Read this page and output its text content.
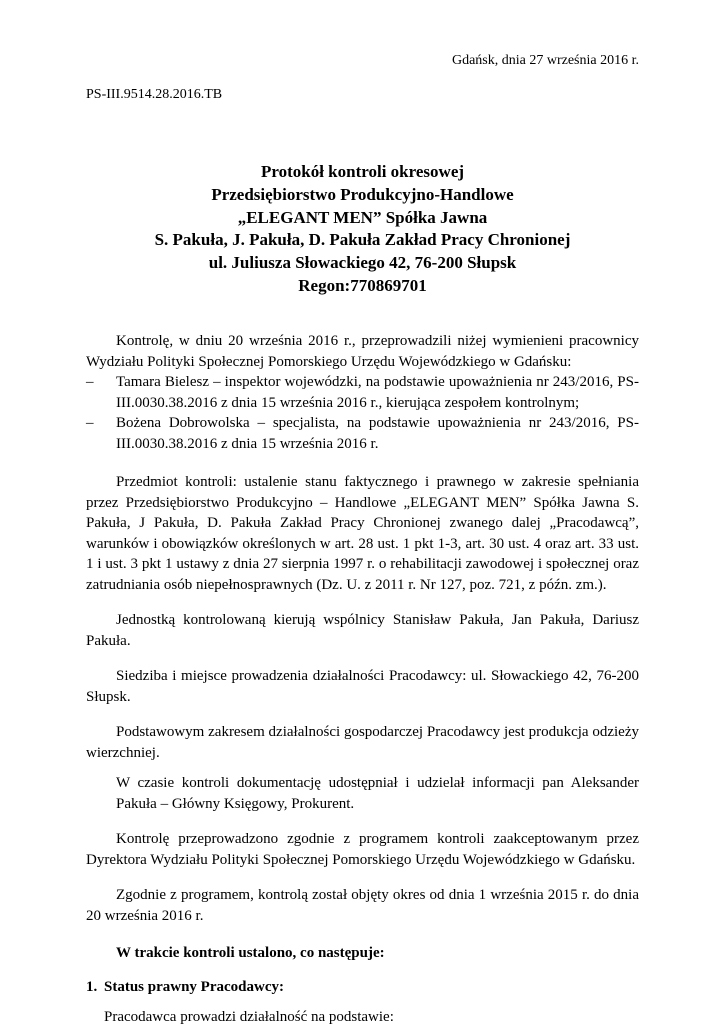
Gdańsk, dnia 27 września 2016 r.
PS-III.9514.28.2016.TB
Protokół kontroli okresowej
Przedsiębiorstwo Produkcyjno-Handlowe
„ELEGANT MEN” Spółka Jawna
S. Pakuła, J. Pakuła, D. Pakuła Zakład Pracy Chronionej
ul. Juliusza Słowackiego 42, 76-200 Słupsk
Regon:770869701

Kontrolę, w dniu 20 września 2016 r., przeprowadzili niżej wymienieni pracownicy Wydziału Polityki Społecznej Pomorskiego Urzędu Wojewódzkiego w Gdańsku:

– Tamara Bielesz – inspektor wojewódzki, na podstawie upoważnienia nr 243/2016, PS-III.0030.38.2016 z dnia 15 września 2016 r., kierująca zespołem kontrolnym;
– Bożena Dobrowolska – specjalista, na podstawie upoważnienia nr 243/2016, PS-III.0030.38.2016 z dnia 15 września 2016 r.

Przedmiot kontroli: ustalenie stanu faktycznego i prawnego w zakresie spełniania przez Przedsiębiorstwo Produkcyjno – Handlowe „ELEGANT MEN” Spółka Jawna S. Pakuła, J Pakuła, D. Pakuła Zakład Pracy Chronionej zwanego dalej „Pracodawcą”, warunków i obowiązków określonych w art. 28 ust. 1 pkt 1-3, art. 30 ust. 4 oraz art. 33 ust. 1 i ust. 3 pkt 1 ustawy z dnia 27 sierpnia 1997 r. o rehabilitacji zawodowej i społecznej oraz zatrudniania osób niepełnosprawnych (Dz. U. z 2011 r. Nr 127, poz. 721, z późn. zm.).

Jednostką kontrolowaną kierują wspólnicy Stanisław Pakuła, Jan Pakuła, Dariusz Pakuła.

Siedziba i miejsce prowadzenia działalności Pracodawcy: ul. Słowackiego 42, 76-200 Słupsk.

Podstawowym zakresem działalności gospodarczej Pracodawcy jest produkcja odzieży wierzchniej.

W czasie kontroli dokumentację udostępniał i udzielał informacji pan Aleksander Pakuła – Główny Księgowy, Prokurent.

Kontrolę przeprowadzono zgodnie z programem kontroli zaakceptowanym przez Dyrektora Wydziału Polityki Społecznej Pomorskiego Urzędu Wojewódzkiego w Gdańsku.

Zgodnie z programem, kontrolą został objęty okres od dnia 1 września 2015 r. do dnia 20 września 2016 r.

W trakcie kontroli ustalono, co następuje:

1. Status prawny Pracodawcy:

Pracodawca prowadzi działalność na podstawie:
